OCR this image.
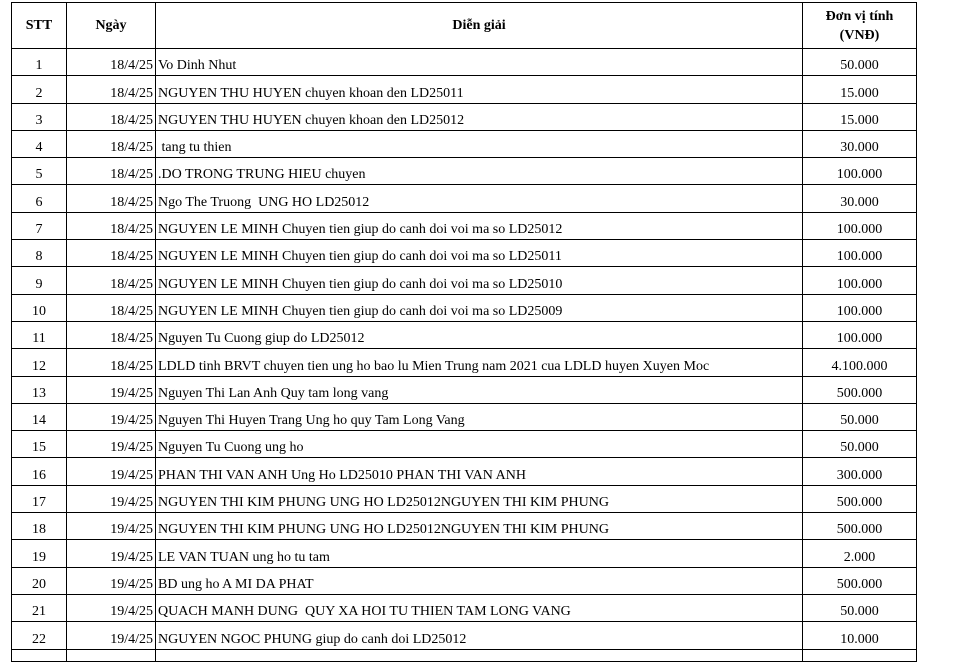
STT	Ngày	Diễn giải	Đơn vị tính
(VNĐ)
1	18/4/25	Vo Dinh Nhut	50.000
2	18/4/25	NGUYEN THU HUYEN chuyen khoan den LD25011	15.000
3	18/4/25	NGUYEN THU HUYEN chuyen khoan den LD25012	15.000
4	18/4/25	tang tu thien	30.000
5	18/4/25	.DO TRONG TRUNG HIEU chuyen	100.000
6	18/4/25	Ngo The Truong  UNG HO LD25012	30.000
7	18/4/25	NGUYEN LE MINH Chuyen tien giup do canh doi voi ma so LD25012	100.000
8	18/4/25	NGUYEN LE MINH Chuyen tien giup do canh doi voi ma so LD25011	100.000
9	18/4/25	NGUYEN LE MINH Chuyen tien giup do canh doi voi ma so LD25010	100.000
10	18/4/25	NGUYEN LE MINH Chuyen tien giup do canh doi voi ma so LD25009	100.000
11	18/4/25	Nguyen Tu Cuong giup do LD25012	100.000
12	18/4/25	LDLD tinh BRVT chuyen tien ung ho bao lu Mien Trung nam 2021 cua LDLD huyen Xuyen Moc	4.100.000
13	19/4/25	Nguyen Thi Lan Anh Quy tam long vang	500.000
14	19/4/25	Nguyen Thi Huyen Trang Ung ho quy Tam Long Vang	50.000
15	19/4/25	Nguyen Tu Cuong ung ho	50.000
16	19/4/25	PHAN THI VAN ANH Ung Ho LD25010 PHAN THI VAN ANH	300.000
17	19/4/25	NGUYEN THI KIM PHUNG UNG HO LD25012NGUYEN THI KIM PHUNG	500.000
18	19/4/25	NGUYEN THI KIM PHUNG UNG HO LD25012NGUYEN THI KIM PHUNG	500.000
19	19/4/25	LE VAN TUAN ung ho tu tam	2.000
20	19/4/25	BD ung ho A MI DA PHAT	500.000
21	19/4/25	QUACH MANH DUNG  QUY XA HOI TU THIEN TAM LONG VANG	50.000
22	19/4/25	NGUYEN NGOC PHUNG giup do canh doi LD25012	10.000
